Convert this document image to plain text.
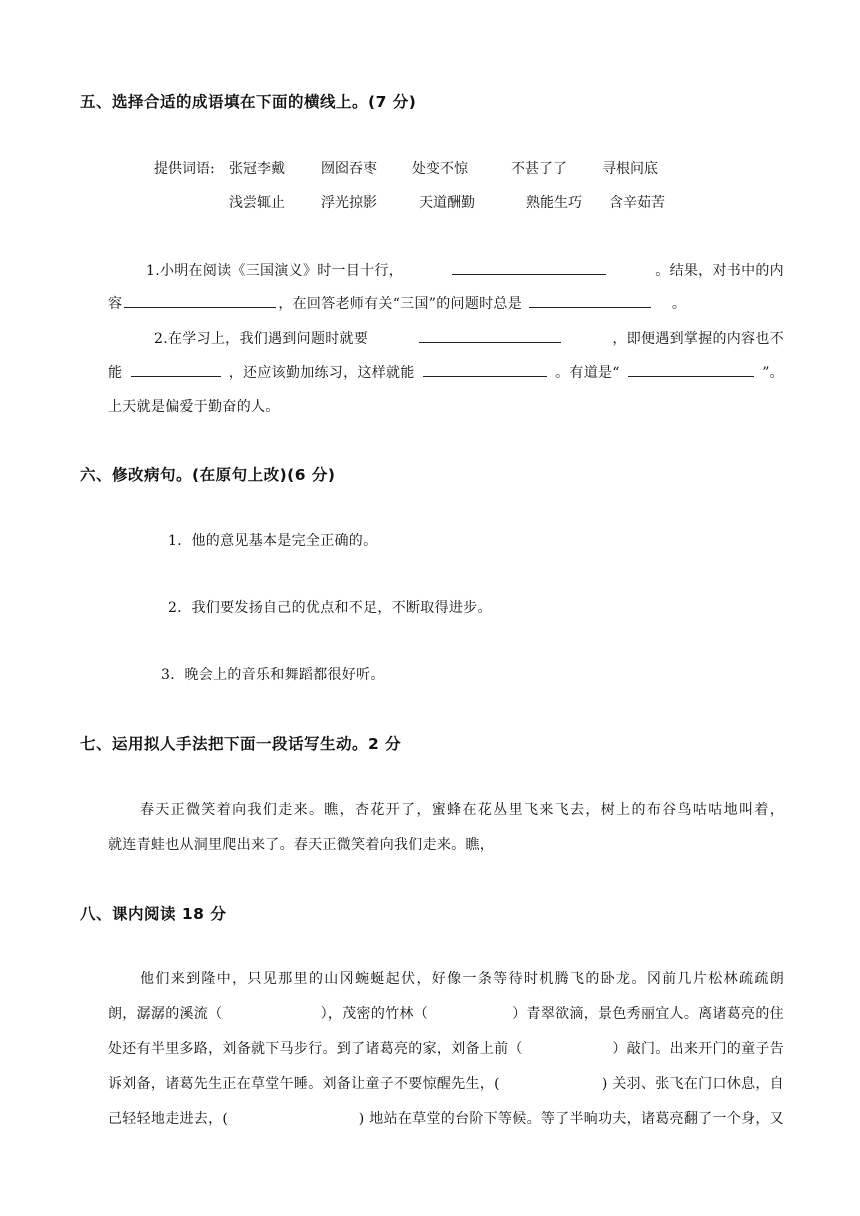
五、选择合适的成语填在下面的横线上。(7 分)
提供词语: 张冠李戴	囫囵吞枣	处变不惊	不甚了了	寻根问底
浅尝辄止	浮光掠影	天道酬勤	熟能生巧 含辛茹苦
1.小明在阅读《三国演义》时一目十行，	。结果，对书中的内
容	，在回答老师有关“三国”的问题时总是	。
2.在学习上，我们遇到问题时就要	，即便遇到掌握的内容也不
能	，还应该勤加练习，这样就能	。有道是“	”。
上天就是偏爱于勤奋的人。
六、修改病句。(在原句上改)(6 分)
1．他的意见基本是完全正确的。
2．我们要发扬自己的优点和不足，不断取得进步。
3．晚会上的音乐和舞蹈都很好听。
七、运用拟人手法把下面一段话写生动。2 分
春天正微笑着向我们走来。瞧，杏花开了，蜜蜂在花丛里飞来飞去，树上的布谷鸟咕咕地叫着，
就连青蛙也从洞里爬出来了。春天正微笑着向我们走来。瞧，
八、课内阅读 18 分
他们来到隆中，只见那里的山冈蜿蜒起伏，好像一条等待时机腾飞的卧龙。冈前几片松林疏疏朗
朗，潺潺的溪流（	），茂密的竹林（	）青翠欲滴，景色秀丽宜人。离诸葛亮的住
处还有半里多路，刘备就下马步行。到了诸葛亮的家，刘备上前（	）敲门。出来开门的童子告
诉刘备，诸葛先生正在草堂午睡。刘备让童子不要惊醒先生，(	) 关羽、张飞在门口休息，自
己轻轻地走进去，(	) 地站在草堂的台阶下等候。等了半晌功夫，诸葛亮翻了一个身，又
